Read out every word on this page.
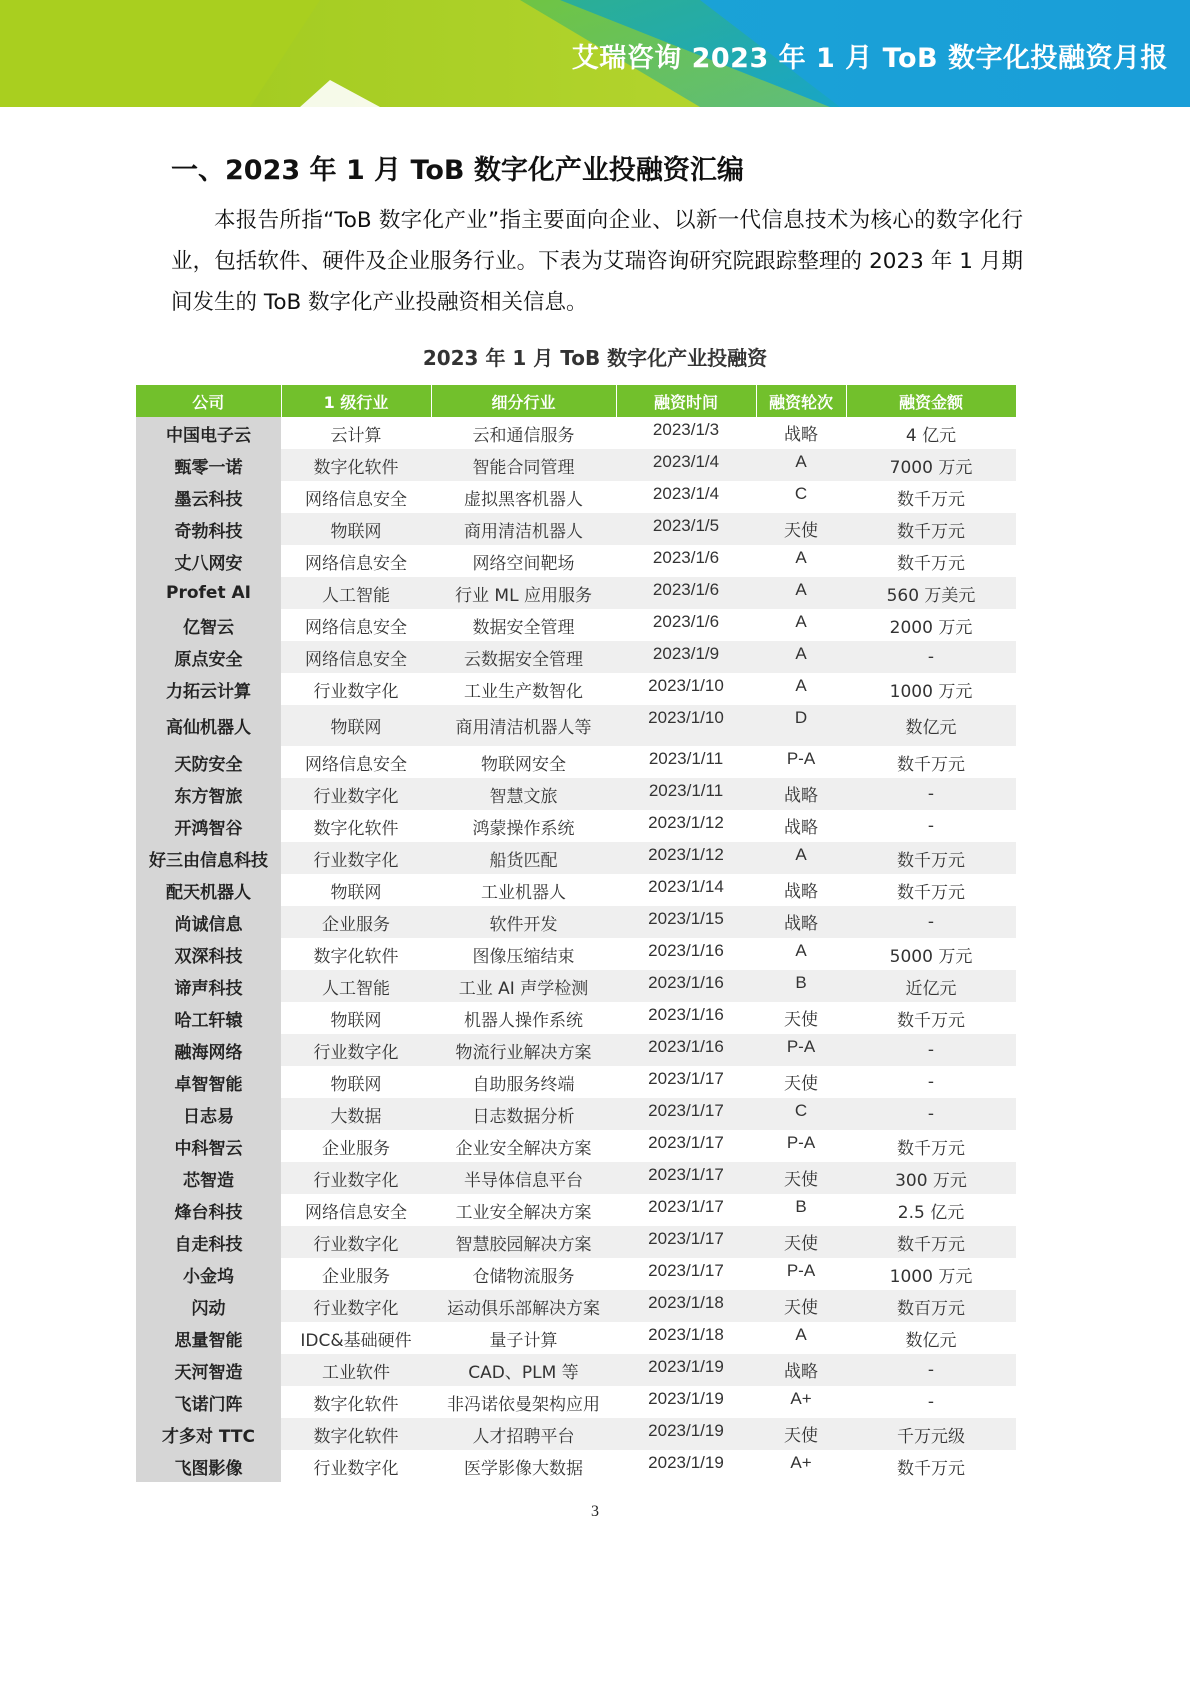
艾瑞咨询 2023 年 1 月 ToB 数字化投融资月报
一、2023 年 1 月 ToB 数字化产业投融资汇编
本报告所指“ToB 数字化产业”指主要面向企业、以新一代信息技术为核心的数字化行业，包括软件、硬件及企业服务行业。下表为艾瑞咨询研究院跟踪整理的 2023 年 1 月期间发生的 ToB 数字化产业投融资相关信息。
2023 年 1 月 ToB 数字化产业投融资
公司	1 级行业	细分行业	融资时间	融资轮次	融资金额
中国电子云	云计算	云和通信服务	2023/1/3	战略	4 亿元
甄零一诺	数字化软件	智能合同管理	2023/1/4	A	7000 万元
墨云科技	网络信息安全	虚拟黑客机器人	2023/1/4	C	数千万元
奇勃科技	物联网	商用清洁机器人	2023/1/5	天使	数千万元
丈八网安	网络信息安全	网络空间靶场	2023/1/6	A	数千万元
Profet AI	人工智能	行业 ML 应用服务	2023/1/6	A	560 万美元
亿智云	网络信息安全	数据安全管理	2023/1/6	A	2000 万元
原点安全	网络信息安全	云数据安全管理	2023/1/9	A	-
力拓云计算	行业数字化	工业生产数智化	2023/1/10	A	1000 万元
高仙机器人	物联网	商用清洁机器人等	2023/1/10	D	数亿元
天防安全	网络信息安全	物联网安全	2023/1/11	P-A	数千万元
东方智旅	行业数字化	智慧文旅	2023/1/11	战略	-
开鸿智谷	数字化软件	鸿蒙操作系统	2023/1/12	战略	-
好三由信息科技	行业数字化	船货匹配	2023/1/12	A	数千万元
配天机器人	物联网	工业机器人	2023/1/14	战略	数千万元
尚诚信息	企业服务	软件开发	2023/1/15	战略	-
双深科技	数字化软件	图像压缩结束	2023/1/16	A	5000 万元
谛声科技	人工智能	工业 AI 声学检测	2023/1/16	B	近亿元
哈工轩辕	物联网	机器人操作系统	2023/1/16	天使	数千万元
融海网络	行业数字化	物流行业解决方案	2023/1/16	P-A	-
卓智智能	物联网	自助服务终端	2023/1/17	天使	-
日志易	大数据	日志数据分析	2023/1/17	C	-
中科智云	企业服务	企业安全解决方案	2023/1/17	P-A	数千万元
芯智造	行业数字化	半导体信息平台	2023/1/17	天使	300 万元
烽台科技	网络信息安全	工业安全解决方案	2023/1/17	B	2.5 亿元
自走科技	行业数字化	智慧胶园解决方案	2023/1/17	天使	数千万元
小金坞	企业服务	仓储物流服务	2023/1/17	P-A	1000 万元
闪动	行业数字化	运动俱乐部解决方案	2023/1/18	天使	数百万元
思量智能	IDC&基础硬件	量子计算	2023/1/18	A	数亿元
天河智造	工业软件	CAD、PLM 等	2023/1/19	战略	-
飞诺门阵	数字化软件	非冯诺依曼架构应用	2023/1/19	A+	-
才多对 TTC	数字化软件	人才招聘平台	2023/1/19	天使	千万元级
飞图影像	行业数字化	医学影像大数据	2023/1/19	A+	数千万元
3
